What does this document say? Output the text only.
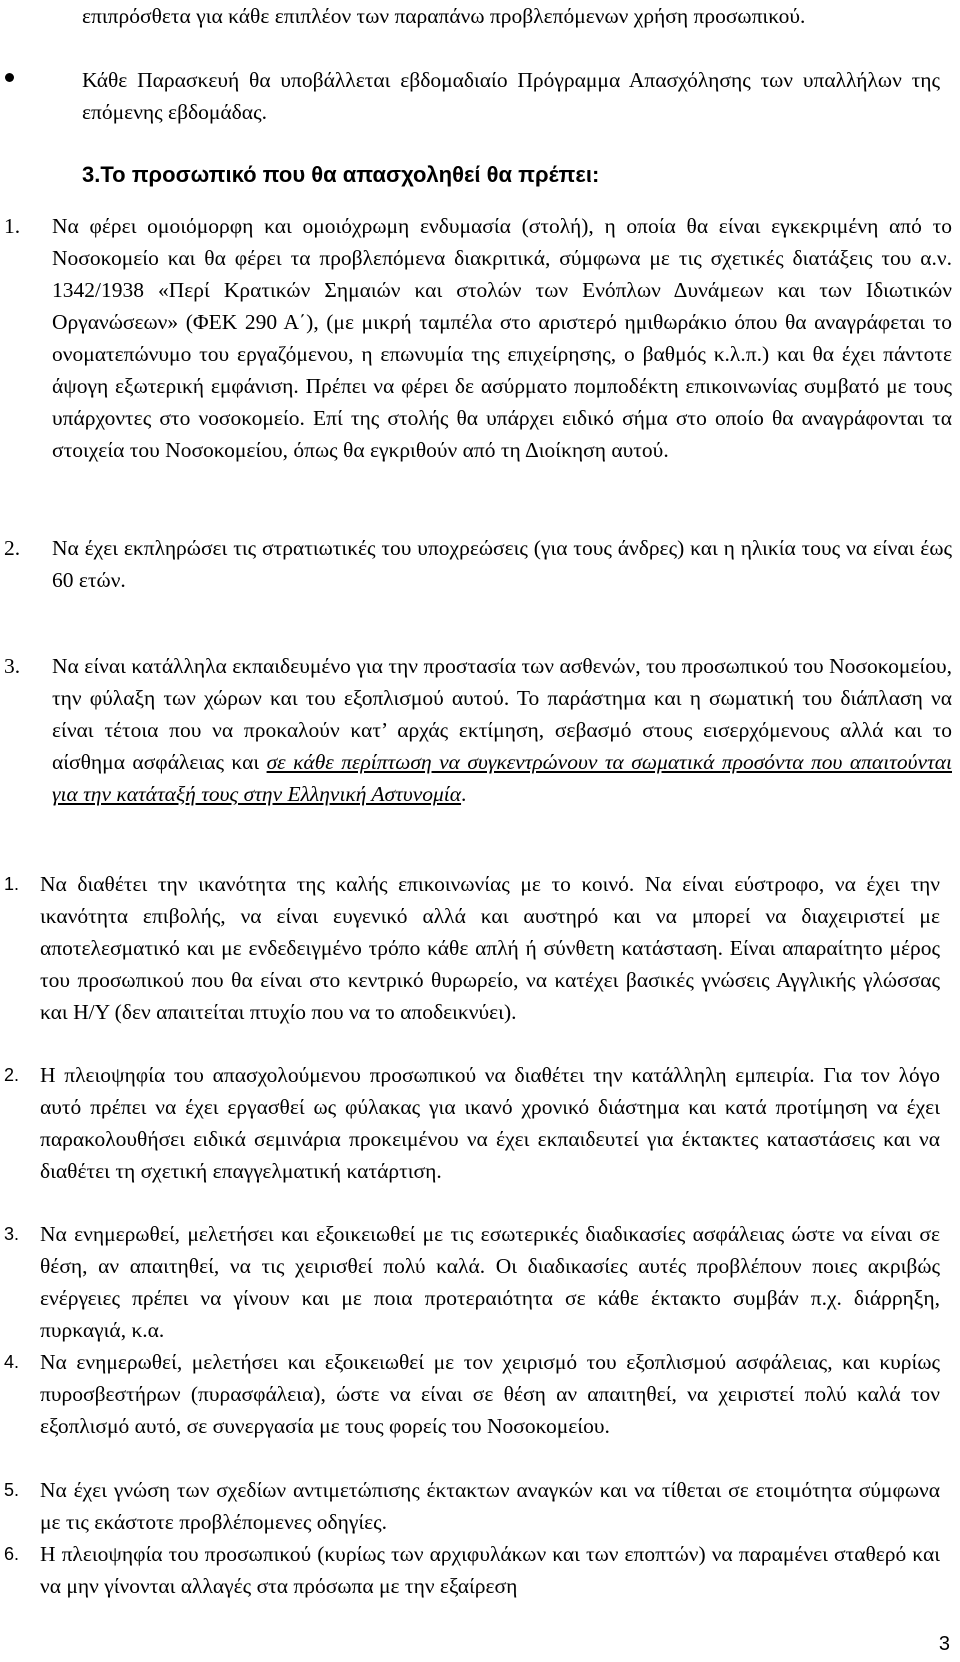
επιπρόσθετα για κάθε επιπλέον των παραπάνω προβλεπόμενων χρήση προσωπικού.

Κάθε Παρασκευή θα υποβάλλεται εβδομαδιαίο Πρόγραμμα Απασχόλησης των υπαλλήλων της επόμενης εβδομάδας.

3.Το προσωπικό που θα απασχοληθεί θα πρέπει:

1. Να φέρει ομοιόμορφη και ομοιόχρωμη ενδυμασία (στολή), η οποία θα είναι εγκεκριμένη από το Νοσοκομείο και θα φέρει τα προβλεπόμενα διακριτικά, σύμφωνα με τις σχετικές διατάξεις του α.ν. 1342/1938 «Περί Κρατικών Σημαιών και στολών των Ενόπλων Δυνάμεων και των Ιδιωτικών Οργανώσεων» (ΦΕΚ 290 Α΄), (με μικρή ταμπέλα στο αριστερό ημιθωράκιο όπου θα αναγράφεται το ονοματεπώνυμο του εργαζόμενου, η επωνυμία της επιχείρησης, ο βαθμός κ.λ.π.) και θα έχει πάντοτε άψογη εξωτερική εμφάνιση. Πρέπει να φέρει δε ασύρματο πομποδέκτη επικοινωνίας συμβατό με τους υπάρχοντες στο νοσοκομείο. Επί της στολής θα υπάρχει ειδικό σήμα στο οποίο θα αναγράφονται τα στοιχεία του Νοσοκομείου, όπως θα εγκριθούν από τη Διοίκηση αυτού.

2. Να έχει εκπληρώσει τις στρατιωτικές του υποχρεώσεις (για τους άνδρες) και η ηλικία τους να είναι έως 60 ετών.

3. Να είναι κατάλληλα εκπαιδευμένο για την προστασία των ασθενών, του προσωπικού του Νοσοκομείου, την φύλαξη των χώρων και του εξοπλισμού αυτού. Το παράστημα και η σωματική του διάπλαση να είναι τέτοια που να προκαλούν κατ’ αρχάς εκτίμηση, σεβασμό στους εισερχόμενους αλλά και το αίσθημα ασφάλειας και σε κάθε περίπτωση να συγκεντρώνουν τα σωματικά προσόντα που απαιτούνται για την κατάταξή τους στην Ελληνική Αστυνομία.

1. Να διαθέτει την ικανότητα της καλής επικοινωνίας με το κοινό. Να είναι εύστροφο, να έχει την ικανότητα επιβολής, να είναι ευγενικό αλλά και αυστηρό και να μπορεί να διαχειριστεί με αποτελεσματικό και με ενδεδειγμένο τρόπο κάθε απλή ή σύνθετη κατάσταση. Είναι απαραίτητο μέρος του προσωπικού που θα είναι στο κεντρικό θυρωρείο, να κατέχει βασικές γνώσεις Αγγλικής γλώσσας και Η/Υ (δεν απαιτείται πτυχίο που να το αποδεικνύει).

2. Η πλειοψηφία του απασχολούμενου προσωπικού να διαθέτει την κατάλληλη εμπειρία. Για τον λόγο αυτό πρέπει να έχει εργασθεί ως φύλακας για ικανό χρονικό διάστημα και κατά προτίμηση να έχει παρακολουθήσει ειδικά σεμινάρια προκειμένου να έχει εκπαιδευτεί για έκτακτες καταστάσεις και να διαθέτει τη σχετική επαγγελματική κατάρτιση.

3. Να ενημερωθεί, μελετήσει και εξοικειωθεί με τις εσωτερικές διαδικασίες ασφάλειας ώστε να είναι σε θέση, αν απαιτηθεί, να τις χειρισθεί πολύ καλά. Οι διαδικασίες αυτές προβλέπουν ποιες ακριβώς ενέργειες πρέπει να γίνουν και με ποια προτεραιότητα σε κάθε έκτακτο συμβάν π.χ. διάρρηξη, πυρκαγιά, κ.α.

4. Να ενημερωθεί, μελετήσει και εξοικειωθεί με τον χειρισμό του εξοπλισμού ασφάλειας, και κυρίως πυροσβεστήρων (πυρασφάλεια), ώστε να είναι σε θέση αν απαιτηθεί, να χειριστεί πολύ καλά τον εξοπλισμό αυτό, σε συνεργασία με τους φορείς του Νοσοκομείου.

5. Να έχει γνώση των σχεδίων αντιμετώπισης έκτακτων αναγκών και να τίθεται σε ετοιμότητα σύμφωνα με τις εκάστοτε προβλέπομενες οδηγίες.

6. Η πλειοψηφία του προσωπικού (κυρίως των αρχιφυλάκων και των εποπτών) να παραμένει σταθερό και να μην γίνονται αλλαγές στα πρόσωπα με την εξαίρεση

3
